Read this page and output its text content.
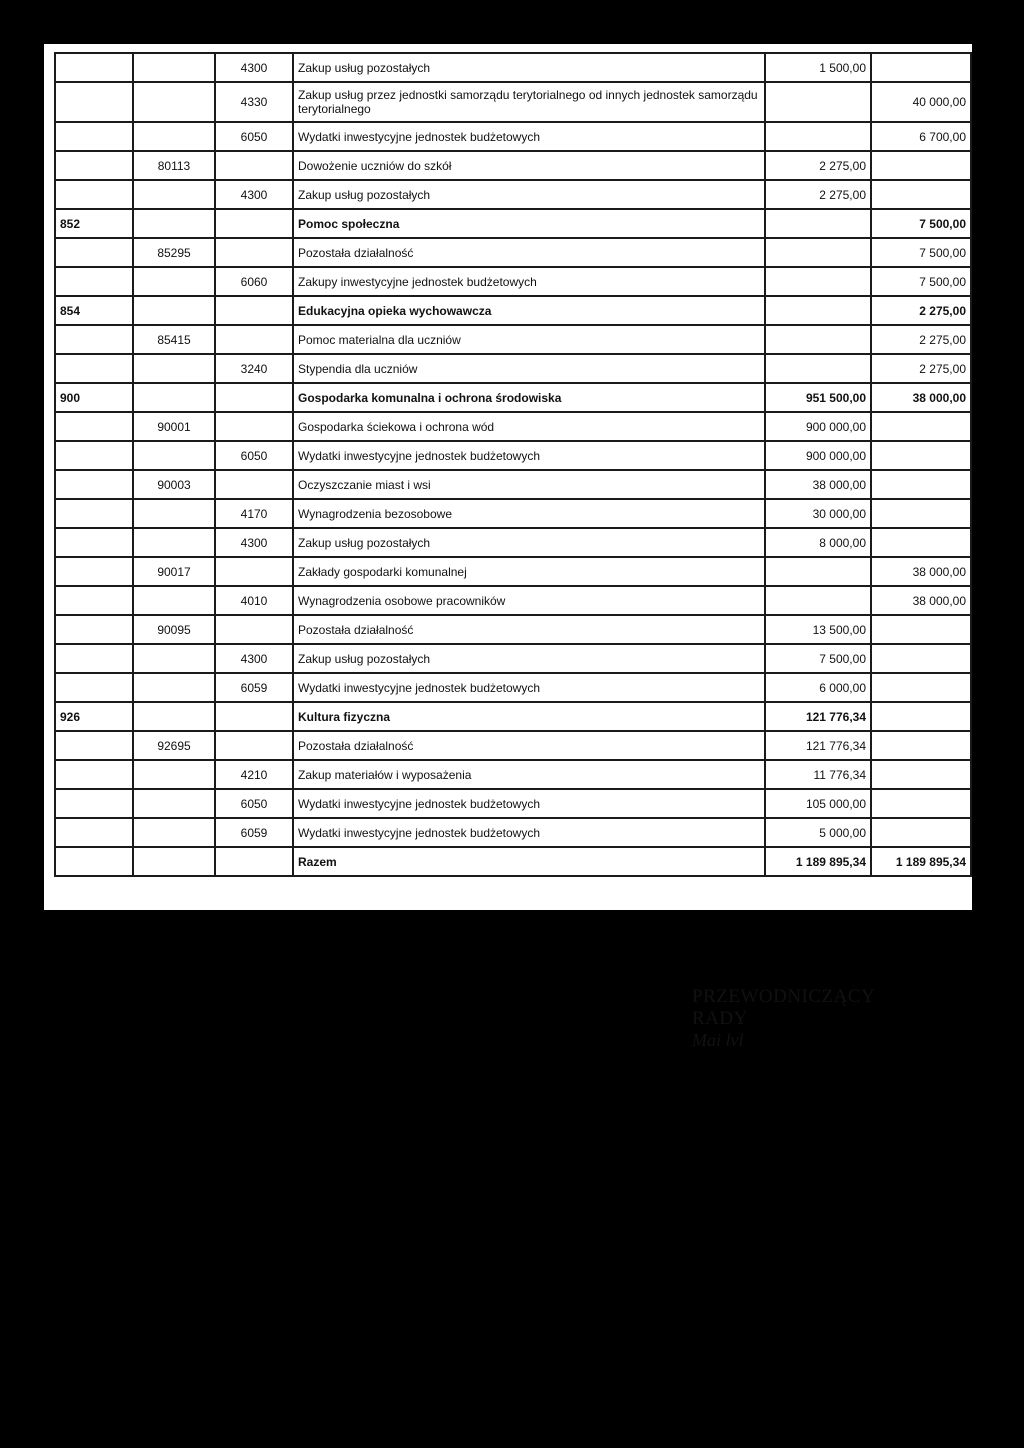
		4300	Zakup usług pozostałych	1 500,00	
		4330	Zakup usług przez jednostki samorządu terytorialnego od innych jednostek samorządu terytorialnego		40 000,00
		6050	Wydatki inwestycyjne jednostek budżetowych		6 700,00
	80113		Dowożenie uczniów do szkół	2 275,00	
		4300	Zakup usług pozostałych	2 275,00	
852			Pomoc społeczna		7 500,00
	85295		Pozostała działalność		7 500,00
		6060	Zakupy inwestycyjne jednostek budżetowych		7 500,00
854			Edukacyjna opieka wychowawcza		2 275,00
	85415		Pomoc materialna dla uczniów		2 275,00
		3240	Stypendia dla uczniów		2 275,00
900			Gospodarka komunalna i ochrona środowiska	951 500,00	38 000,00
	90001		Gospodarka ściekowa i ochrona wód	900 000,00	
		6050	Wydatki inwestycyjne jednostek budżetowych	900 000,00	
	90003		Oczyszczanie miast i wsi	38 000,00	
		4170	Wynagrodzenia bezosobowe	30 000,00	
		4300	Zakup usług pozostałych	8 000,00	
	90017		Zakłady gospodarki komunalnej		38 000,00
		4010	Wynagrodzenia osobowe pracowników		38 000,00
	90095		Pozostała działalność	13 500,00	
		4300	Zakup usług pozostałych	7 500,00	
		6059	Wydatki inwestycyjne jednostek budżetowych	6 000,00	
926			Kultura fizyczna	121 776,34	
	92695		Pozostała działalność	121 776,34	
		4210	Zakup materiałów i wyposażenia	11 776,34	
		6050	Wydatki inwestycyjne jednostek budżetowych	105 000,00	
		6059	Wydatki inwestycyjne jednostek budżetowych	5 000,00	
			Razem	1 189 895,34	1 189 895,34
PRZEWODNICZĄCY RADY
Mai lvl
